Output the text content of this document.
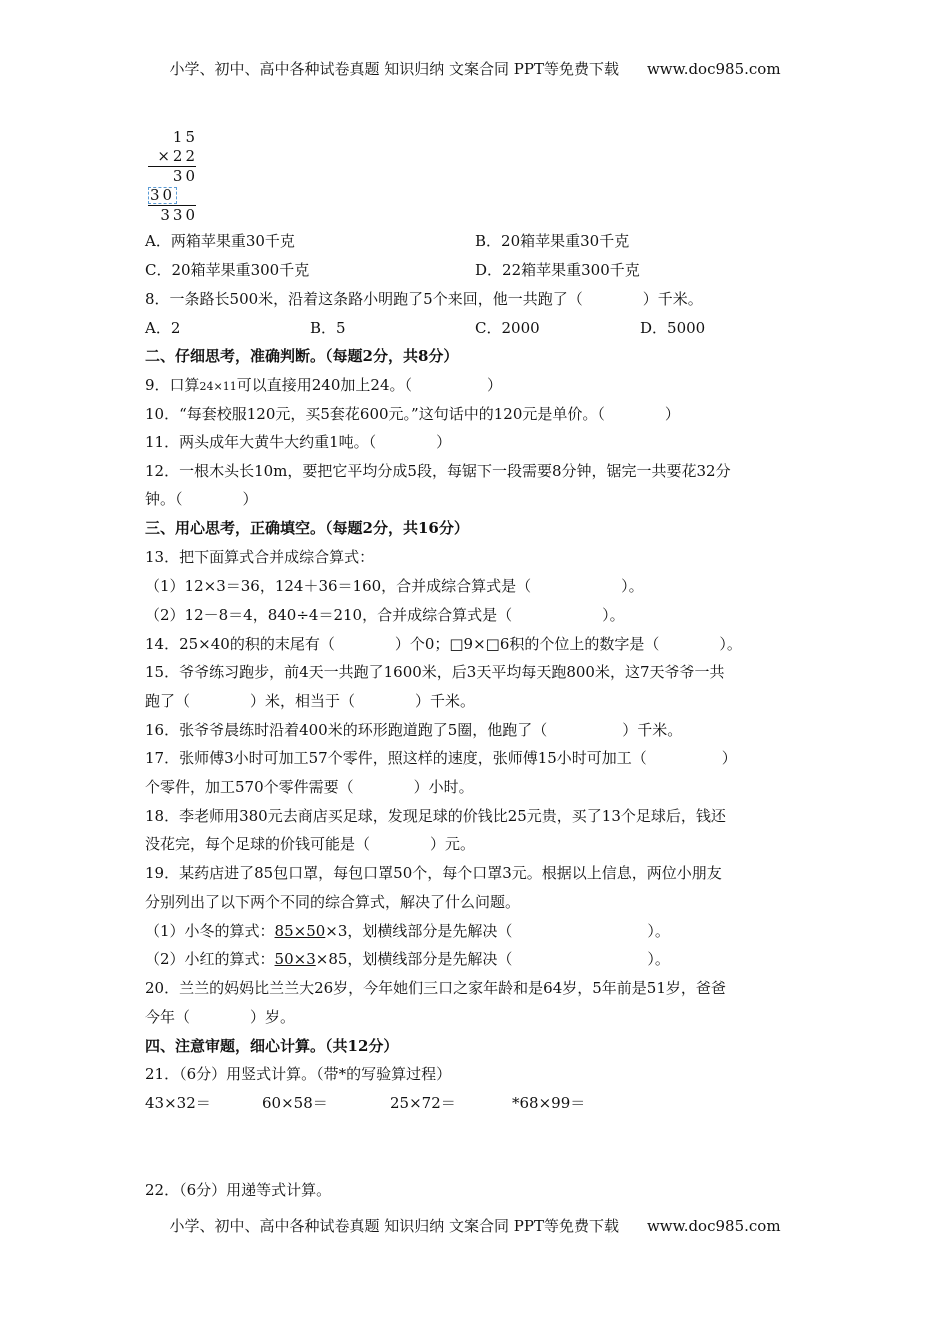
小学、初中、高中各种试卷真题 知识归纳 文案合同 PPT等免费下载 www.doc985.com
15
×22
30
30
330
A．两箱苹果重30千克	B．20箱苹果重30千克
C．20箱苹果重300千克	D．22箱苹果重300千克
8．一条路长500米，沿着这条路小明跑了5个来回，他一共跑了（　　　　）千米。
A．2	B．5	C．2000	D．5000
二、仔细思考，准确判断。（每题2分，共8分）
9．口算24×11可以直接用240加上24。（　　　　　）
10．“每套校服120元，买5套花600元。”这句话中的120元是单价。（　　　　）
11．两头成年大黄牛大约重1吨。（　　　　）
12．一根木头长10m，要把它平均分成5段，每锯下一段需要8分钟，锯完一共要花32分
钟。（　　　　）
三、用心思考，正确填空。（每题2分，共16分）
13．把下面算式合并成综合算式：
（1）12×3＝36，124＋36＝160，合并成综合算式是（　　　　　　）。
（2）12－8＝4，840÷4＝210，合并成综合算式是（　　　　　　）。
14．25×40的积的末尾有（　　　　）个0；□9×□6积的个位上的数字是（　　　　）。
15．爷爷练习跑步，前4天一共跑了1600米，后3天平均每天跑800米，这7天爷爷一共
跑了（　　　　）米，相当于（　　　　）千米。
16．张爷爷晨练时沿着400米的环形跑道跑了5圈，他跑了（　　　　　）千米。
17．张师傅3小时可加工57个零件，照这样的速度，张师傅15小时可加工（　　　　　）
个零件，加工570个零件需要（　　　　）小时。
18．李老师用380元去商店买足球，发现足球的价钱比25元贵，买了13个足球后，钱还
没花完，每个足球的价钱可能是（　　　　）元。
19．某药店进了85包口罩，每包口罩50个，每个口罩3元。根据以上信息，两位小朋友
分别列出了以下两个不同的综合算式，解决了什么问题。
（1）小冬的算式：85×50×3，划横线部分是先解决（　　　　　　　　　）。
（2）小红的算式：50×3×85，划横线部分是先解决（　　　　　　　　　）。
20．兰兰的妈妈比兰兰大26岁，今年她们三口之家年龄和是64岁，5年前是51岁，爸爸
今年（　　　　）岁。
四、注意审题，细心计算。（共12分）
21．（6分）用竖式计算。（带*的写验算过程）
43×32＝	60×58＝	25×72＝	*68×99＝
22．（6分）用递等式计算。
小学、初中、高中各种试卷真题 知识归纳 文案合同 PPT等免费下载 www.doc985.com
